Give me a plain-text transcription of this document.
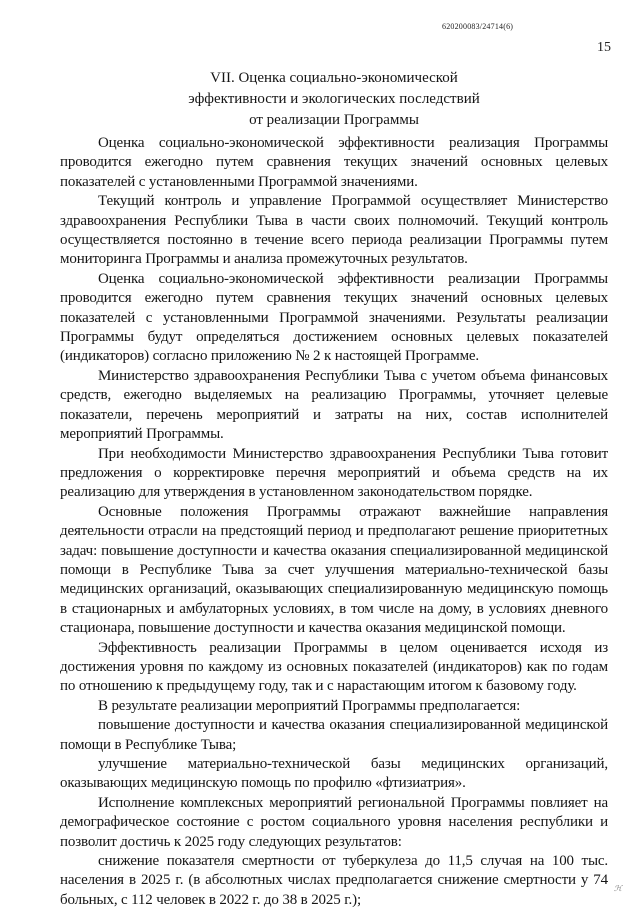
620200083/24714(6)
15
VII. Оценка социально-экономической
эффективности и экологических последствий
от реализации Программы

Оценка социально-экономической эффективности реализация Программы проводится ежегодно путем сравнения текущих значений основных целевых показателей с установленными Программой значениями.

Текущий контроль и управление Программой осуществляет Министерство здравоохранения Республики Тыва в части своих полномочий. Текущий контроль осуществляется постоянно в течение всего периода реализации Программы путем мониторинга Программы и анализа промежуточных результатов.

Оценка социально-экономической эффективности реализации Программы проводится ежегодно путем сравнения текущих значений основных целевых показателей с установленными Программой значениями. Результаты реализации Программы будут определяться достижением основных целевых показателей (индикаторов) согласно приложению № 2 к настоящей Программе.

Министерство здравоохранения Республики Тыва с учетом объема финансовых средств, ежегодно выделяемых на реализацию Программы, уточняет целевые показатели, перечень мероприятий и затраты на них, состав исполнителей мероприятий Программы.

При необходимости Министерство здравоохранения Республики Тыва готовит предложения о корректировке перечня мероприятий и объема средств на их реализацию для утверждения в установленном законодательством порядке.

Основные положения Программы отражают важнейшие направления деятельности отрасли на предстоящий период и предполагают решение приоритетных задач: повышение доступности и качества оказания специализированной медицинской помощи в Республике Тыва за счет улучшения материально-технической базы медицинских организаций, оказывающих специализированную медицинскую помощь в стационарных и амбулаторных условиях, в том числе на дому, в условиях дневного стационара, повышение доступности и качества оказания медицинской помощи.

Эффективность реализации Программы в целом оценивается исходя из достижения уровня по каждому из основных показателей (индикаторов) как по годам по отношению к предыдущему году, так и с нарастающим итогом к базовому году.

В результате реализации мероприятий Программы предполагается:

повышение доступности и качества оказания специализированной медицинской помощи в Республике Тыва;

улучшение материально-технической базы медицинских организаций, оказывающих медицинскую помощь по профилю «фтизиатрия».

Исполнение комплексных мероприятий региональной Программы повлияет на демографическое состояние с ростом социального уровня населения республики и позволит достичь к 2025 году следующих результатов:

снижение показателя смертности от туберкулеза до 11,5 случая на 100 тыс. населения в 2025 г. (в абсолютных числах предполагается снижение смертности у 74 больных, с 112 человек в 2022 г. до 38 в 2025 г.);

ℋ
